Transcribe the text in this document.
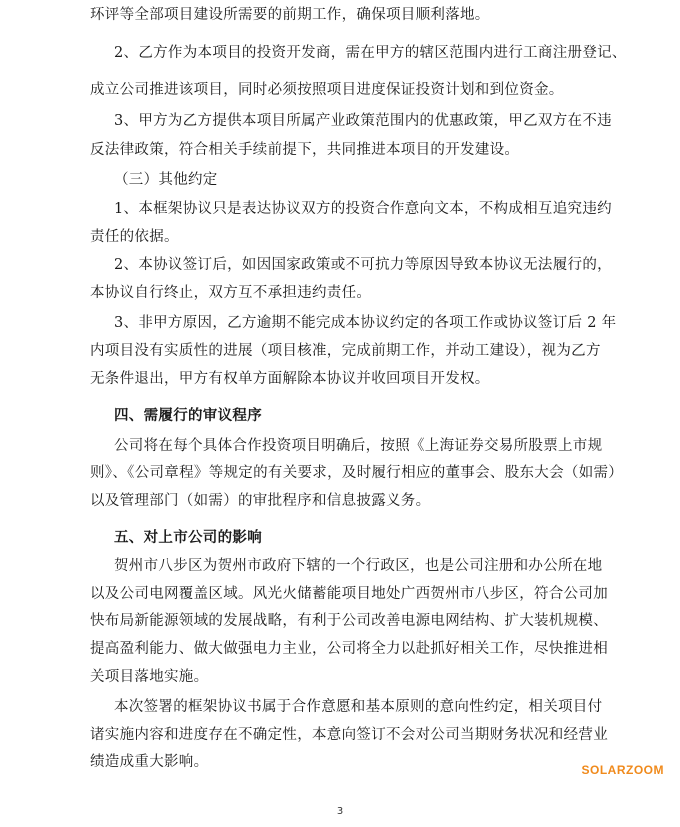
环评等全部项目建设所需要的前期工作，确保项目顺利落地。
2、乙方作为本项目的投资开发商，需在甲方的辖区范围内进行工商注册登记、
成立公司推进该项目，同时必须按照项目进度保证投资计划和到位资金。
3、甲方为乙方提供本项目所属产业政策范围内的优惠政策，甲乙双方在不违
反法律政策，符合相关手续前提下，共同推进本项目的开发建设。
（三）其他约定
1、本框架协议只是表达协议双方的投资合作意向文本，不构成相互追究违约
责任的依据。
2、本协议签订后，如因国家政策或不可抗力等原因导致本协议无法履行的，
本协议自行终止，双方互不承担违约责任。
3、非甲方原因，乙方逾期不能完成本协议约定的各项工作或协议签订后 2 年
内项目没有实质性的进展（项目核准，完成前期工作，并动工建设），视为乙方
无条件退出，甲方有权单方面解除本协议并收回项目开发权。
四、需履行的审议程序
公司将在每个具体合作投资项目明确后，按照《上海证券交易所股票上市规
则》、《公司章程》等规定的有关要求，及时履行相应的董事会、股东大会（如需）
以及管理部门（如需）的审批程序和信息披露义务。
五、对上市公司的影响
贺州市八步区为贺州市政府下辖的一个行政区，也是公司注册和办公所在地
以及公司电网覆盖区域。风光火储蓄能项目地处广西贺州市八步区，符合公司加
快布局新能源领域的发展战略，有利于公司改善电源电网结构、扩大装机规模、
提高盈利能力、做大做强电力主业，公司将全力以赴抓好相关工作，尽快推进相
关项目落地实施。
本次签署的框架协议书属于合作意愿和基本原则的意向性约定，相关项目付
诸实施内容和进度存在不确定性，本意向签订不会对公司当期财务状况和经营业
绩造成重大影响。	SOLARZOOM
3
